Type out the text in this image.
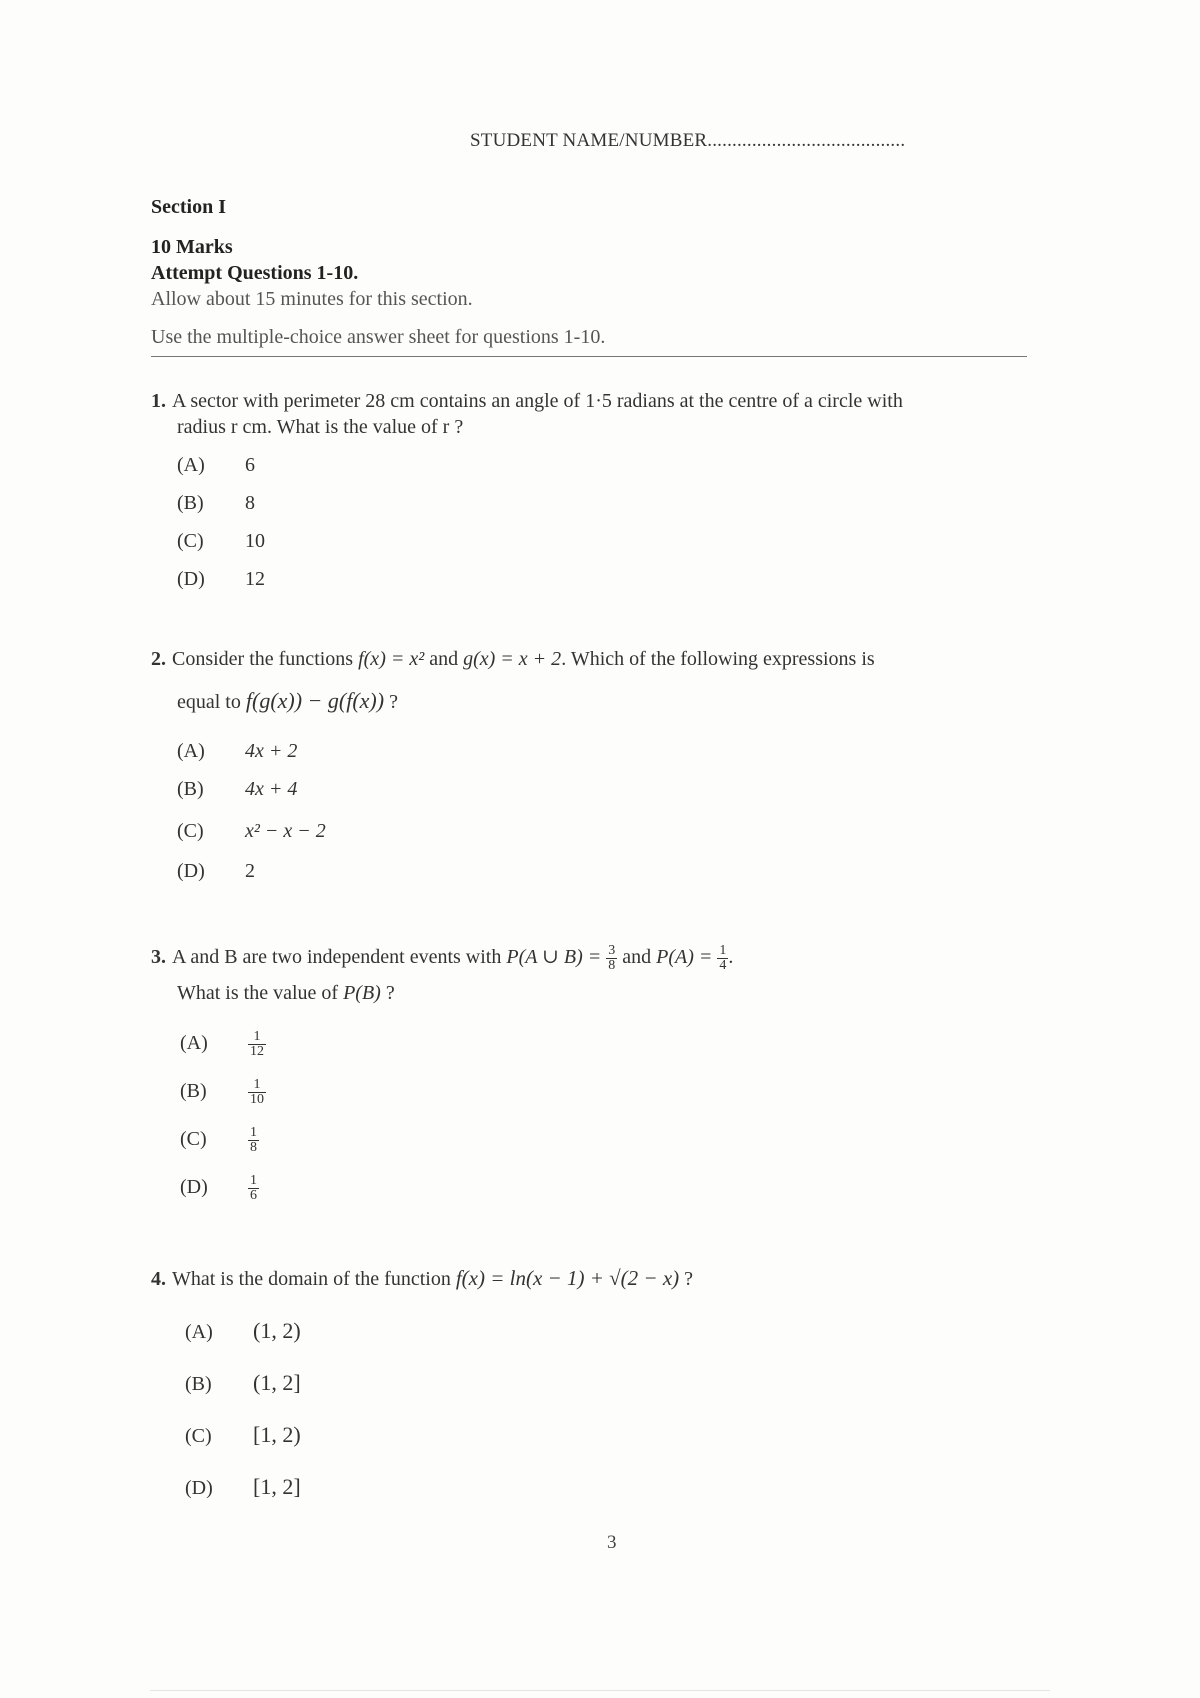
STUDENT NAME/NUMBER........................................
Section I
10 Marks
Attempt Questions 1-10.
Allow about 15 minutes for this section.
Use the multiple-choice answer sheet for questions 1-10.
1. A sector with perimeter 28 cm contains an angle of 1·5 radians at the centre of a circle with
radius r cm. What is the value of r ?
(A) 6
(B) 8
(C) 10
(D) 12
2. Consider the functions f(x) = x² and g(x) = x + 2. Which of the following expressions is
equal to f(g(x)) − g(f(x)) ?
(A) 4x + 2
(B) 4x + 4
(C) x² − x − 2
(D) 2
3. A and B are two independent events with P(A ∪ $B) = \frac{3}{8}$ and $P(A) = \frac{1}{4}$ .
What is the value of P(B) ?
(A)	$\frac{1}{12}$
(B)	$\frac{1}{10}$
(C)	$\frac{1}{8}$
(D)	$\frac{1}{6}$
4. What is the domain of the function f(x) = ln(x − 1) + √(2 − x) ?
(A) (1, 2)
(B) (1, 2]
(C) [1, 2)
(D) [1, 2]
3
